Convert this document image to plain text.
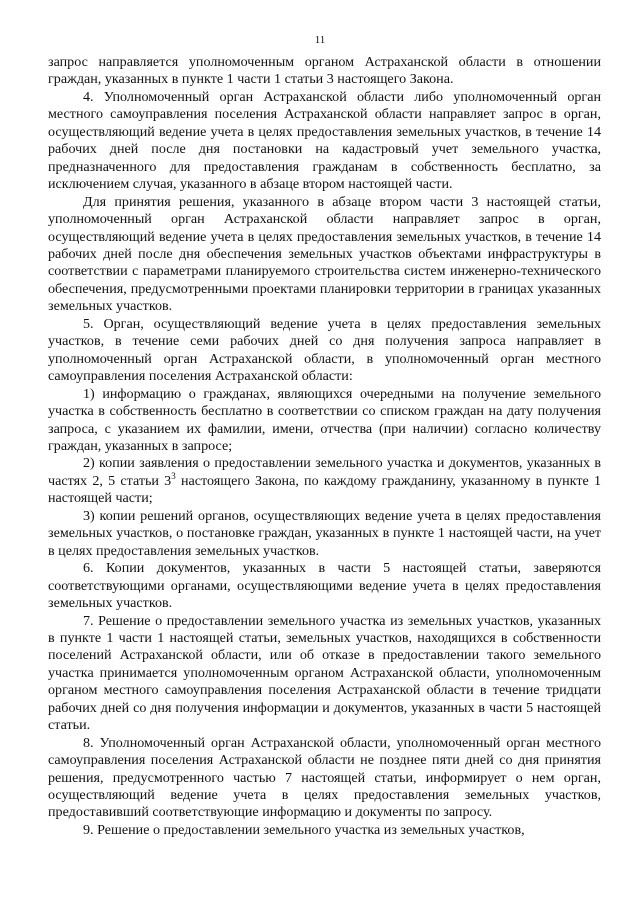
11

запрос направляется уполномоченным органом Астраханской области в отношении граждан, указанных в пункте 1 части 1 статьи 3 настоящего Закона.

4. Уполномоченный орган Астраханской области либо уполномоченный орган местного самоуправления поселения Астраханской области направляет запрос в орган, осуществляющий ведение учета в целях предоставления земельных участков, в течение 14 рабочих дней после дня постановки на кадастровый учет земельного участка, предназначенного для предоставления гражданам в собственность бесплатно, за исключением случая, указанного в абзаце втором настоящей части.

Для принятия решения, указанного в абзаце втором части 3 настоящей статьи, уполномоченный орган Астраханской области направляет запрос в орган, осуществляющий ведение учета в целях предоставления земельных участков, в течение 14 рабочих дней после дня обеспечения земельных участков объектами инфраструктуры в соответствии с параметрами планируемого строительства систем инженерно-технического обеспечения, предусмотренными проектами планировки территории в границах указанных земельных участков.

5. Орган, осуществляющий ведение учета в целях предоставления земельных участков, в течение семи рабочих дней со дня получения запроса направляет в уполномоченный орган Астраханской области, в уполномоченный орган местного самоуправления поселения Астраханской области:

1) информацию о гражданах, являющихся очередными на получение земельного участка в собственность бесплатно в соответствии со списком граждан на дату получения запроса, с указанием их фамилии, имени, отчества (при наличии) согласно количеству граждан, указанных в запросе;

2) копии заявления о предоставлении земельного участка и документов, указанных в частях 2, 5 статьи $3^3$ настоящего Закона, по каждому гражданину, указанному в пункте 1 настоящей части;

3) копии решений органов, осуществляющих ведение учета в целях предоставления земельных участков, о постановке граждан, указанных в пункте 1 настоящей части, на учет в целях предоставления земельных участков.

6. Копии документов, указанных в части 5 настоящей статьи, заверяются соответствующими органами, осуществляющими ведение учета в целях предоставления земельных участков.

7. Решение о предоставлении земельного участка из земельных участков, указанных в пункте 1 части 1 настоящей статьи, земельных участков, находящихся в собственности поселений Астраханской области, или об отказе в предоставлении такого земельного участка принимается уполномоченным органом Астраханской области, уполномоченным органом местного самоуправления поселения Астраханской области в течение тридцати рабочих дней со дня получения информации и документов, указанных в части 5 настоящей статьи.

8. Уполномоченный орган Астраханской области, уполномоченный орган местного самоуправления поселения Астраханской области не позднее пяти дней со дня принятия решения, предусмотренного частью 7 настоящей статьи, информирует о нем орган, осуществляющий ведение учета в целях предоставления земельных участков, предоставивший соответствующие информацию и документы по запросу.

9. Решение о предоставлении земельного участка из земельных участков,
